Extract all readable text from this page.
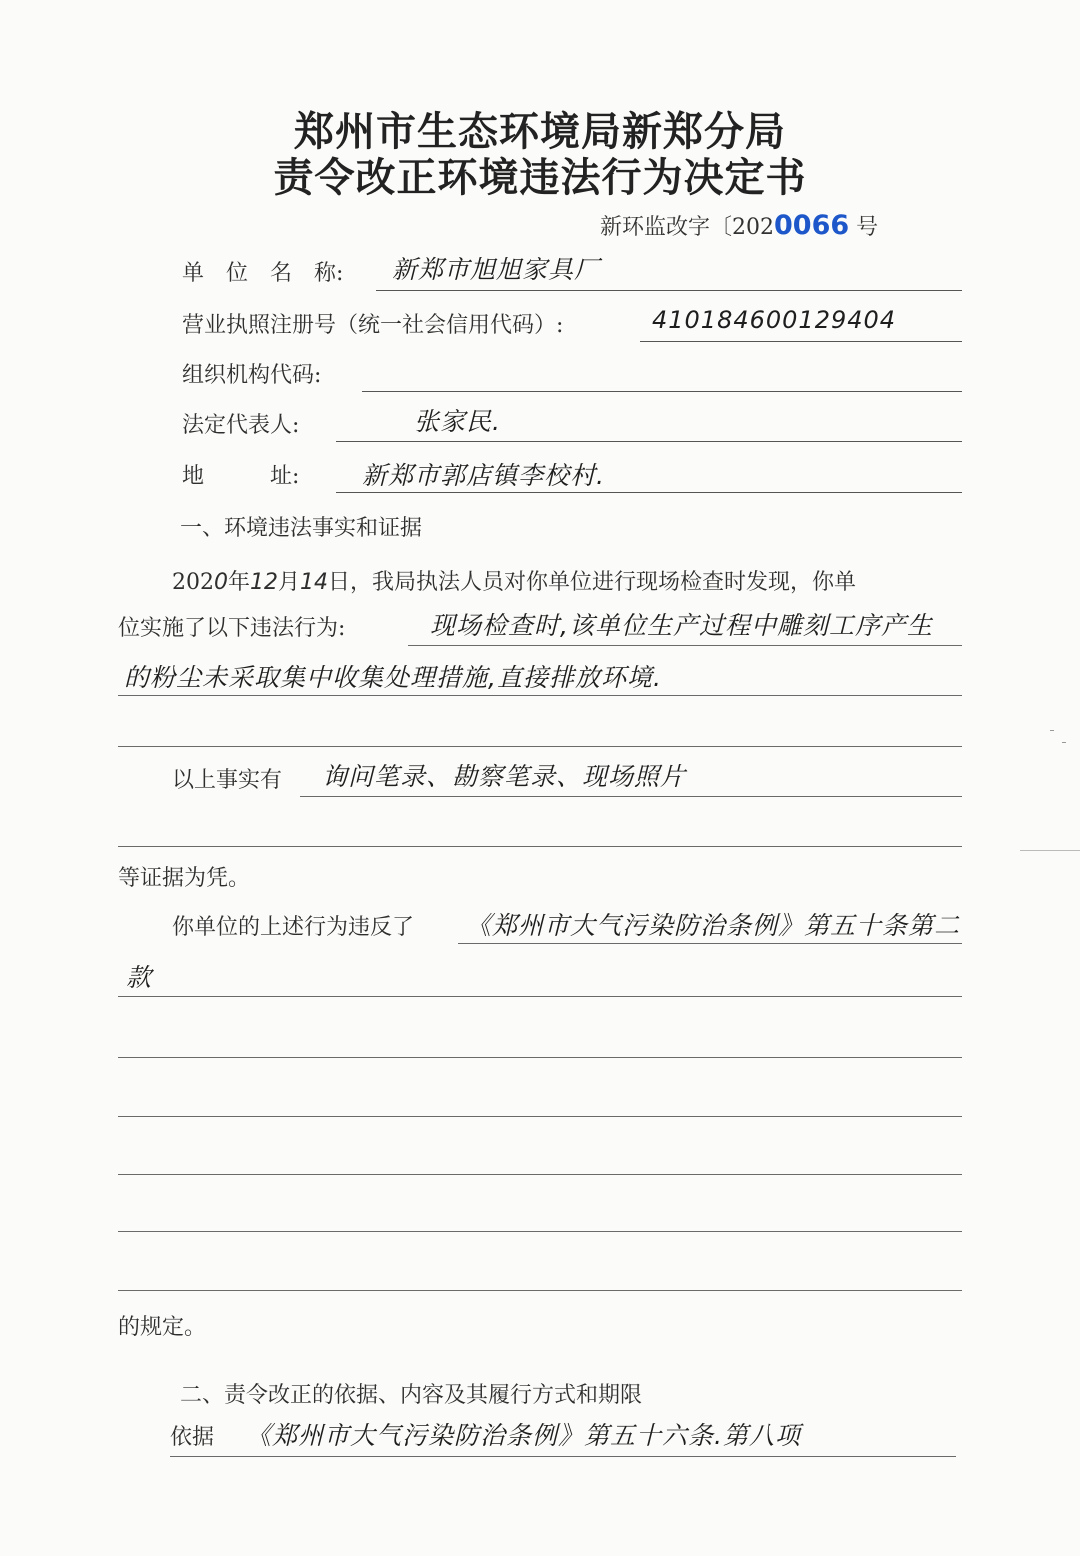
郑州市生态环境局新郑分局
责令改正环境违法行为决定书
新环监改字〔2020066 号
单　位　名　称: 新郑市旭旭家具厂
营业执照注册号（统一社会信用代码）:	410184600129404
组织机构代码:
法定代表人:	张家民.
地　　　址:	新郑市郭店镇李校村.
一、环境违法事实和证据
2020年12月14日，我局执法人员对你单位进行现场检查时发现，你单
位实施了以下违法行为:	现场检查时,该单位生产过程中雕刻工序产生
的粉尘未采取集中收集处理措施,直接排放环境.
以上事实有 询问笔录、勘察笔录、现场照片
等证据为凭。
你单位的上述行为违反了 《郑州市大气污染防治条例》第五十条第二
款
的规定。
二、责令改正的依据、内容及其履行方式和期限
依据 《郑州市大气污染防治条例》第五十六条.第八项
